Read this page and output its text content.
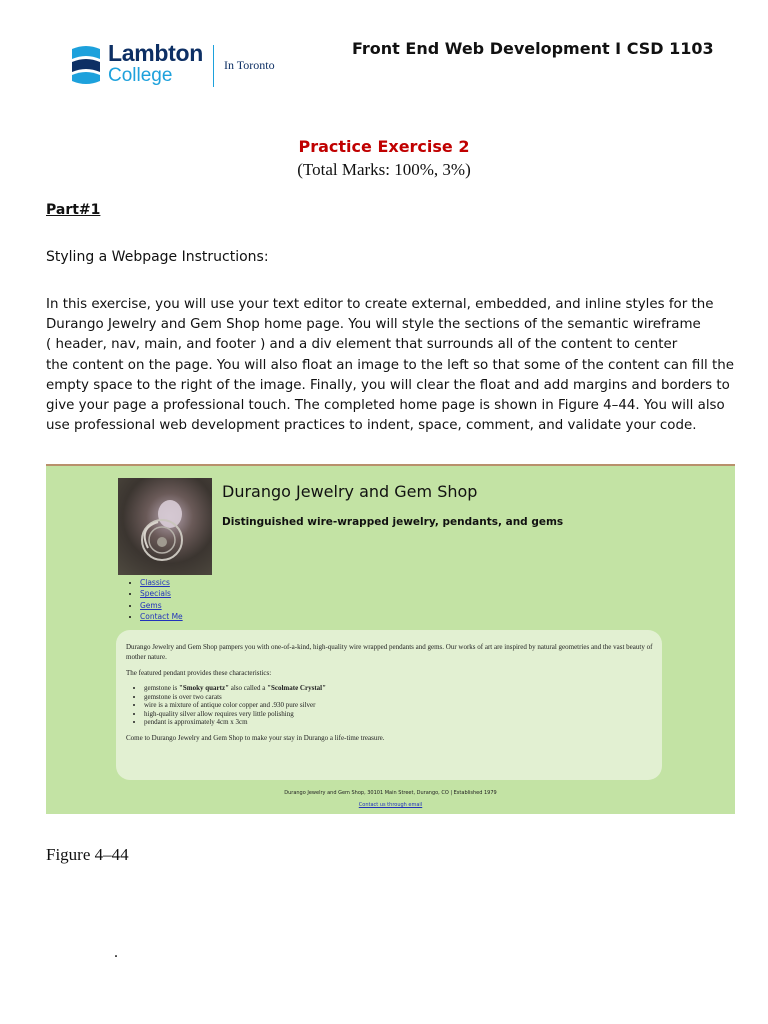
Lambton
College	In Toronto
Front End Web Development I CSD 1103
Practice Exercise 2
(Total Marks: 100%, 3%)
Part#1
Styling a Webpage Instructions:

In this exercise, you will use your text editor to create external, embedded, and inline styles for the
Durango Jewelry and Gem Shop home page. You will style the sections of the semantic wireframe
( header, nav, main, and footer ) and a div element that surrounds all of the content to center
the content on the page. You will also float an image to the left so that some of the content can fill the
empty space to the right of the image. Finally, you will clear the float and add margins and borders to
give your page a professional touch. The completed home page is shown in Figure 4–44. You will also
use professional web development practices to indent, space, comment, and validate your code.

Durango Jewelry and Gem Shop
Distinguished wire-wrapped jewelry, pendants, and gems
• Classics
• Specials
• Gems
• Contact Me

Durango Jewelry and Gem Shop pampers you with one-of-a-kind, high-quality wire wrapped pendants and gems. Our works of art are inspired by natural geometries and the vast beauty of mother nature.

The featured pendant provides these characteristics:

• gemstone is "Smoky quartz" also called a "Scolmate Crystal"
• gemstone is over two carats
• wire is a mixture of antique color copper and .930 pure silver
• high-quality silver allow requires very little polishing
• pendant is approximately 4cm x 3cm

Come to Durango Jewelry and Gem Shop to make your stay in Durango a life-time treasure.

Durango Jewelry and Gem Shop, 30101 Main Street, Durango, CO | Established 1979
Contact us through email
Figure 4–44
.
